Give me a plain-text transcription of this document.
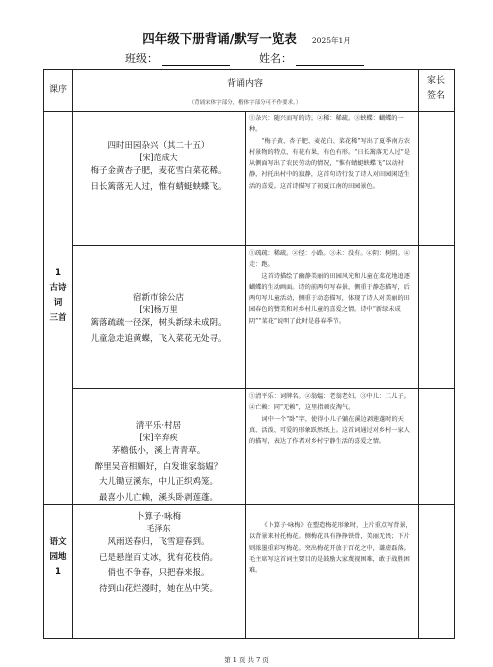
四年级下册背诵/默写一览表 2025年1月
班级：	姓名：
课序
背诵内容
（背诵宋体字部分，楷体字部分可不作要求。）
家长
签名
1
古诗
词
三首
语文
园地
1
四时田园杂兴（其二十五）
[宋]范成大
梅子金黄杏子肥，麦花雪白菜花稀。
日长篱落无人过，惟有蜻蜓蛱蝶飞。

①杂兴：随兴而写的诗。②稀：稀疏。③蛱蝶：蝴蝶的一种。

“梅子黄、杏子肥、麦花白、菜花稀”写出了夏季南方农村景物的特点，有花有果，有色有形。“日长篱落无人过”是从侧面写出了农民劳动的情况，“惟有蜻蜓蛱蝶飞”以动衬静，衬托出村中的寂静，这首句诗行发了诗人对田园闲适生活的喜爱。这首诗描写了初夏江南的田园景色。

宿新市徐公店
[宋]杨万里
篱落疏疏一径深，树头新绿未成阴。
儿童急走追黄蝶，飞入菜花无处寻。

①疏疏：稀疏。②径：小路。③未：没有。④阴：树阴。④走：跑。

这首诗描绘了幽静美丽的田园风光和儿童在菜花地追逐蝴蝶的生动画面。诗的前两句写春景，侧重于静态描写，后两句写儿童活动，侧重于动态描写，体现了诗人对美丽的田园春色的赞美和对乡村儿童的喜爱之情。诗中“新绿未成阴”“菜花”说明了此时是暮春季节。

清平乐·村居
[宋]辛弃疾
茅檐低小，溪上青青草。
醉里吴音相媚好，白发谁家翁媪？
大儿锄豆溪东，中儿正织鸡笼。
最喜小儿亡赖，溪头卧剥莲蓬。

①清平乐：词牌名。②翁媪：老翁老妇。③中儿：二儿子。④亡赖：同“无赖”，这里指顽皮淘气。

词中一个“卧”字，使得小儿子躺在溪边剥莲蓬时的天真、活泼、可爱的形象跃然纸上。这首词通过对乡村一家人的描写，表达了作者对乡村宁静生活的喜爱之情。

卜算子·咏梅
毛泽东
风雨送春归，飞雪迎春到。
已是悬崖百丈冰，犹有花枝俏。
俏也不争春，只把春来报。
待到山花烂漫时，她在丛中笑。

《卜算子·咏梅》在塑造梅花形象时，上片重点写背景，以背景来衬托梅花。侧梅花具有挣挣铁骨，美丽无畏；下片则浓墨重彩写梅花。突出梅花开放于百花之中，谦虚磊落。毛主席写这首词主要目的是鼓励大家蔑视困难，敢于战胜困难。

第 1 页 共 7 页
